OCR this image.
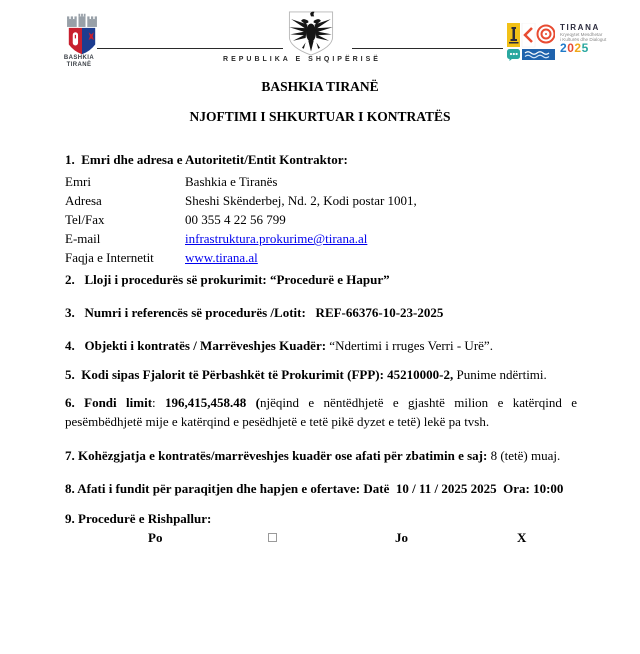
BASHKIA
TIRANË
REPUBLIKA E SHQIPËRISË
TIRANA
Kryeqytet Mesdhetar
i Kulturës dhe Dialogut
2025
BASHKIA TIRANË
NJOFTIMI I SHKURTUAR I KONTRATËS
1.  Emri dhe adresa e Autoritetit/Entit Kontraktor:
Emri	Bashkia e Tiranës
Adresa	Sheshi Skënderbej, Nd. 2, Kodi postar 1001,
Tel/Fax	00 355 4 22 56 799
E-mail	infrastruktura.prokurime@tirana.al
Faqja e Internetit www.tirana.al
2.   Lloji i procedurës së prokurimit: “Procedurë e Hapur”
3.   Numri i referencës së procedurës /Lotit:   REF-66376-10-23-2025
4.   Objekti i kontratës / Marrëveshjes Kuadër: “Ndertimi i rruges Verri - Urë”.
5.  Kodi sipas Fjalorit të Përbashkët të Prokurimit (FPP): 45210000-2, Punime ndërtimi.
6. Fondi limit: 196,415,458.48 (njëqind e nëntëdhjetë e gjashtë milion e katërqind e
pesëmbëdhjetë mije e katërqind e pesëdhjetë e tetë pikë dyzet e tetë) lekë pa tvsh.
7. Kohëzgjatja e kontratës/marrëveshjes kuadër ose afati për zbatimin e saj: 8 (tetë) muaj.
8. Afati i fundit për paraqitjen dhe hapjen e ofertave: Datë  10 / 11 / 2025 2025  Ora: 10:00
9. Procedurë e Rishpallur:
Po	Jo	X
